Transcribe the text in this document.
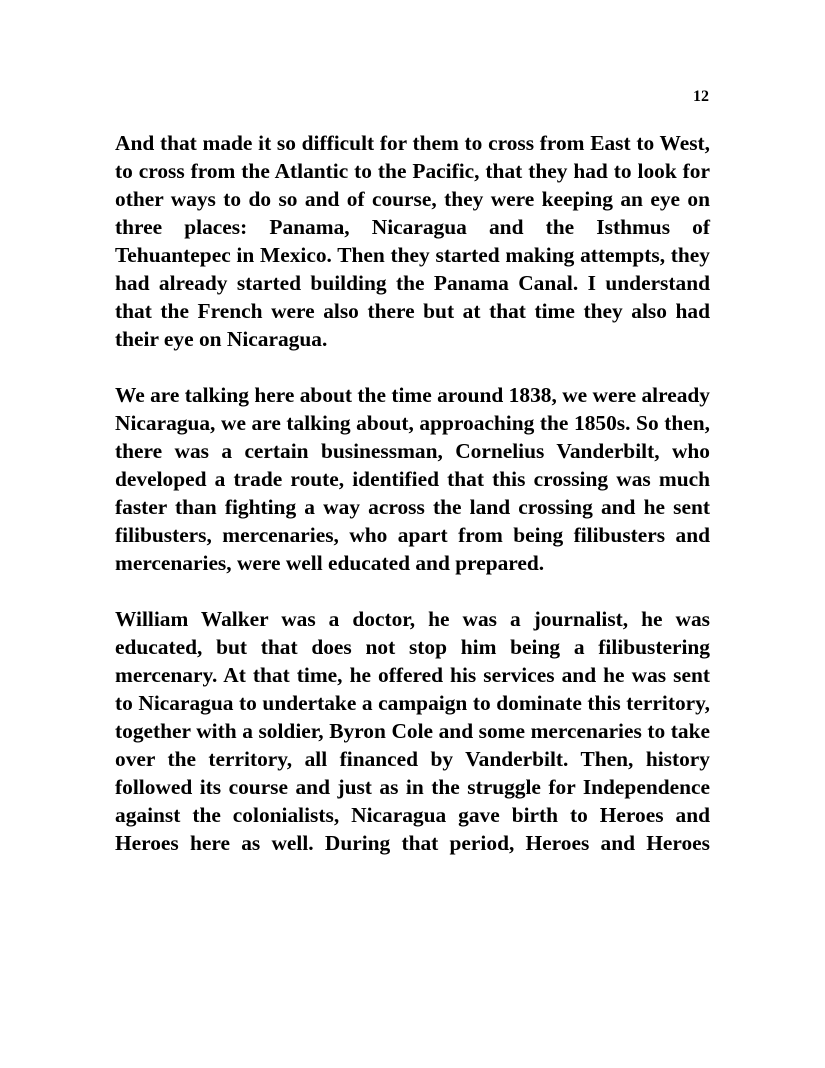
12

And that made it so difficult for them to cross from East to West, to cross from the Atlantic to the Pacific, that they had to look for other ways to do so and of course, they were keeping an eye on three places: Panama, Nicaragua and the Isthmus of Tehuantepec in Mexico. Then they started making attempts, they had already started building the Panama Canal. I understand that the French were also there but at that time they also had their eye on Nicaragua.

We are talking here about the time around 1838, we were already Nicaragua, we are talking about, approaching the 1850s. So then, there was a certain businessman, Cornelius Vanderbilt, who developed a trade route, identified that this crossing was much faster than fighting a way across the land crossing and he sent filibusters, mercenaries, who apart from being filibusters and mercenaries, were well educated and prepared.

William Walker was a doctor, he was a journalist, he was educated, but that does not stop him being a filibustering mercenary. At that time, he offered his services and he was sent to Nicaragua to undertake a campaign to dominate this territory, together with a soldier, Byron Cole and some mercenaries to take over the territory, all financed by Vanderbilt. Then, history followed its course and just as in the struggle for Independence against the colonialists, Nicaragua gave birth to Heroes and Heroes here as well. During that period, Heroes and Heroes
